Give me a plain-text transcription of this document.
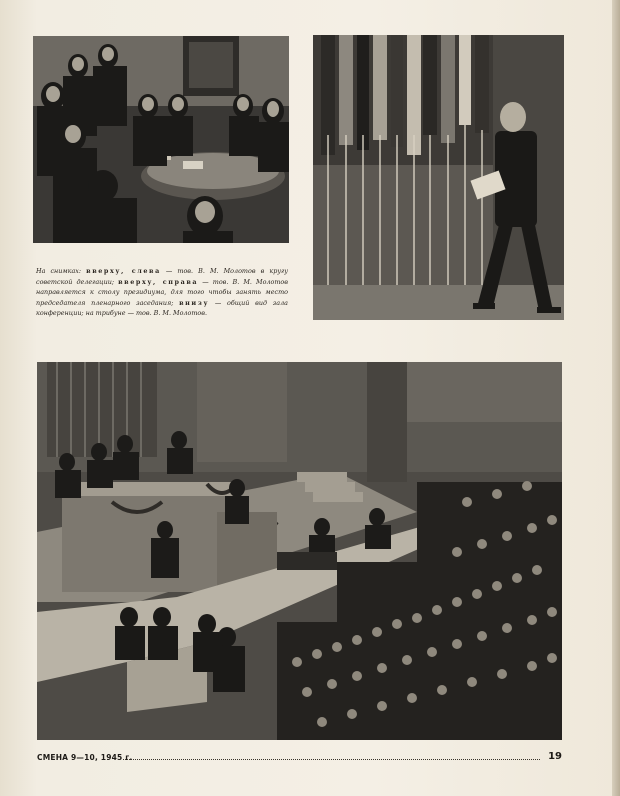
На снимках: вверху, слева — тов. В. М. Молотов в кругу советской делегации; вверху, справа — тов. В. М. Молотов направляется к столу президиума, для того чтобы занять место председателя пленарного заседания; внизу — общий вид зала конференции; на трибуне — тов. В. М. Молотов.
СМЕНА 9—10, 1945 г.	19
